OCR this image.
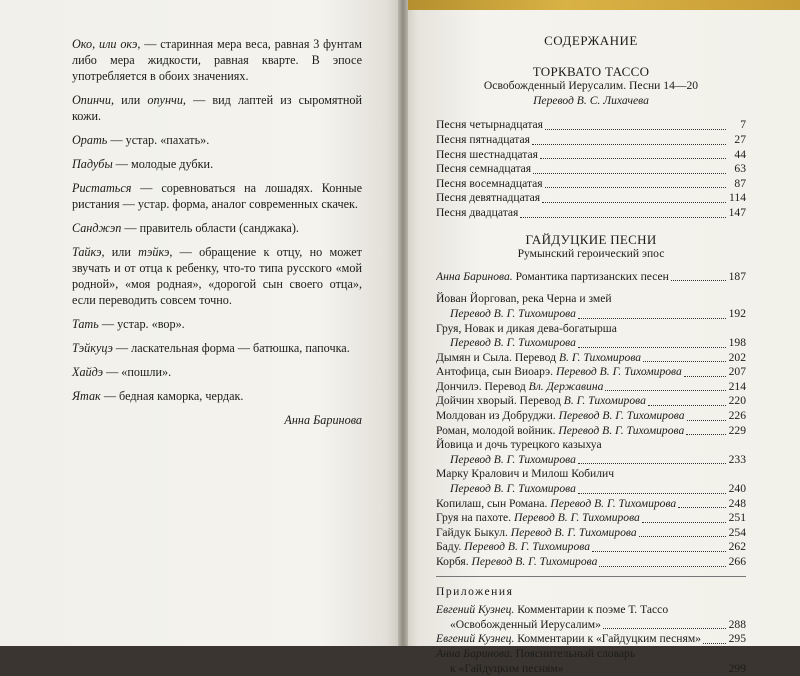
Око, или окэ, — старинная мера веса, равная 3 фунтам либо мера жидкости, равная кварте. В эпосе употребляется в обоих значениях.

Опинчи, или опунчи, — вид лаптей из сыромятной кожи.

Орать — устар. «пахать».

Падубы — молодые дубки.

Ристаться — соревноваться на лошадях. Конные ристания — устар. форма, аналог современных скачек.

Санджэп — правитель области (санджака).

Тайкэ, или тэйкэ, — обращение к отцу, но может звучать и от отца к ребенку, что-то типа русского «мой родной», «моя родная», «дорогой сын своего отца», если переводить совсем точно.

Тать — устар. «вор».

Тэйкуцэ — ласкательная форма — батюшка, папочка.

Хайдэ — «пошли».

Ятак — бедная каморка, чердак.

Анна Баринова
СОДЕРЖАНИЕ
ТОРКВАТО ТАССО
Освобожденный Иерусалим. Песни 14—20
Перевод В. С. Лихачева
Песня четырнадцатая	7
Песня пятнадцатая	27
Песня шестнадцатая	44
Песня семнадцатая	63
Песня восемнадцатая	87
Песня девятнадцатая	114
Песня двадцатая	147
ГАЙДУЦКИЕ ПЕСНИ
Румынский героический эпос
Анна Баринова. Романтика партизанских песен	187
Йован Йорговan, река Черна и змей
Перевод В. Г. Тихомирова	192
Груя, Новак и дикая дева-богатырша
Перевод В. Г. Тихомирова	198
Дымян и Сыла. Перевод В. Г. Тихомирова	202
Антофица, сын Виоарэ. Перевод В. Г. Тихомирова	207
Дончилэ. Перевод Вл. Державина	214
Дойчин хворый. Перевод В. Г. Тихомирова	220
Молдован из Добруджи. Перевод В. Г. Тихомирова	226
Роман, молодой войник. Перевод В. Г. Тихомирова	229
Йовица и дочь турецкого казыхуа
Перевод В. Г. Тихомирова	233
Марку Кралович и Милош Кобилич
Перевод В. Г. Тихомирова	240
Копилаш, сын Романа. Перевод В. Г. Тихомирова	248
Груя на пахоте. Перевод В. Г. Тихомирова	251
Гайдук Быкул. Перевод В. Г. Тихомирова	254
Баду. Перевод В. Г. Тихомирова	262
Корбя. Перевод В. Г. Тихомирова	266
Приложения
Евгений Кузнец. Комментарии к поэме Т. Тассо
«Освобожденный Иерусалим»	288
Евгений Кузнец. Комментарии к «Гайдуцким песням» 295
Анна Баринова. Пояснительный словарь
к «Гайдуцким песням»	299
